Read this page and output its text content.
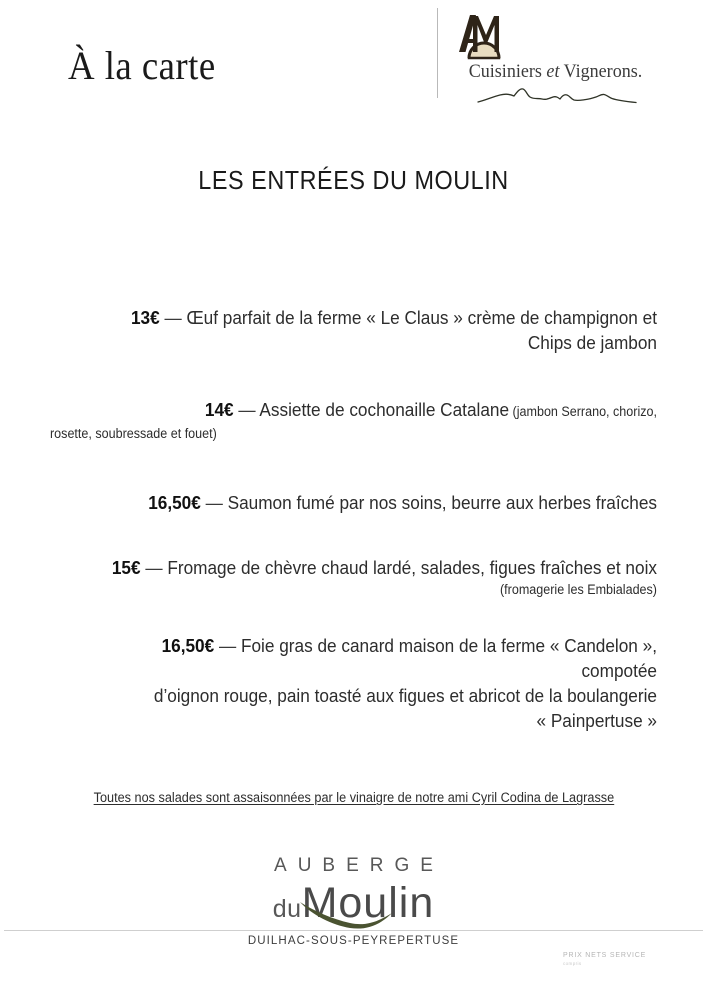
À la carte	Cuisiniers et Vignerons.
LES ENTRÉES DU MOULIN
13€ — Œuf parfait de la ferme « Le Claus » crème de champignon et
Chips de jambon
14€ — Assiette de cochonaille Catalane (jambon Serrano, chorizo,
rosette, soubressade et fouet)
16,50€ — Saumon fumé par nos soins, beurre aux herbes fraîches
15€ — Fromage de chèvre chaud lardé, salades, figues fraîches et noix
(fromagerie les Embialades)
16,50€ — Foie gras de canard maison de la ferme « Candelon », compotée
d’oignon rouge, pain toasté aux figues et abricot de la boulangerie
« Painpertuse »
Toutes nos salades sont assaisonnées par le vinaigre de notre ami Cyril Codina de Lagrasse
AUBERGE
duMoulin
DUILHAC-SOUS-PEYREPERTUSE
PRIX NETS SERVICE
compris
